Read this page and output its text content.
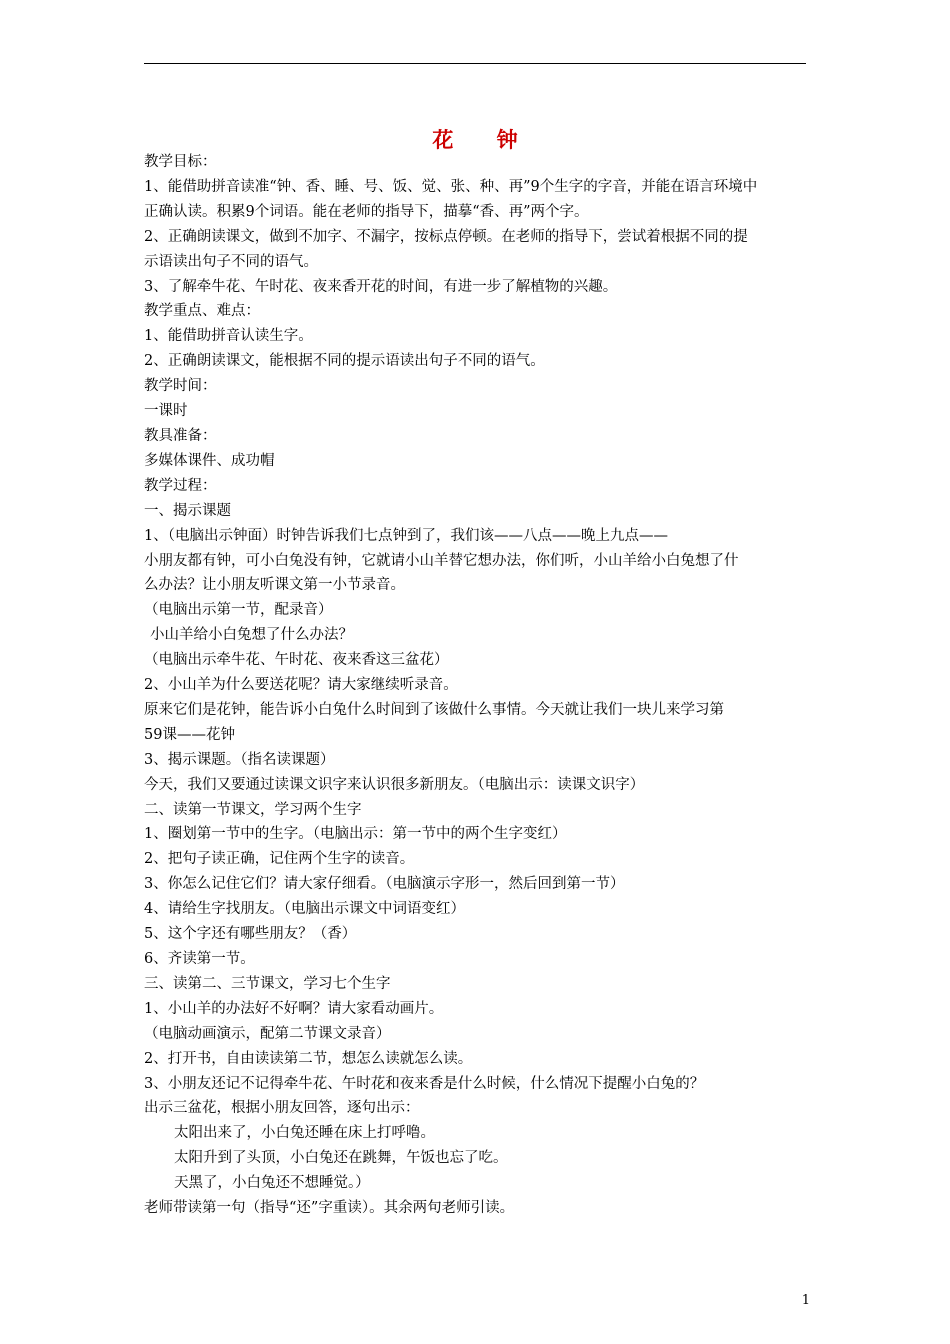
花 钟
教学目标：
1、能借助拼音读准“钟、香、睡、号、饭、觉、张、种、再”9个生字的字音，并能在语言环境中
正确认读。积累9个词语。能在老师的指导下，描摹“香、再”两个字。
2、正确朗读课文，做到不加字、不漏字，按标点停顿。在老师的指导下，尝试着根据不同的提
示语读出句子不同的语气。
3、了解牵牛花、午时花、夜来香开花的时间，有进一步了解植物的兴趣。
教学重点、难点：
1、能借助拼音认读生字。
2、正确朗读课文，能根据不同的提示语读出句子不同的语气。
教学时间：
一课时
教具准备：
多媒体课件、成功帽
教学过程：
一、揭示课题
1、（电脑出示钟面）时钟告诉我们七点钟到了，我们该——八点——晚上九点——
小朋友都有钟，可小白兔没有钟，它就请小山羊替它想办法，你们听，小山羊给小白兔想了什
么办法？让小朋友听课文第一小节录音。
（电脑出示第一节，配录音）
小山羊给小白兔想了什么办法？
（电脑出示牵牛花、午时花、夜来香这三盆花）
2、小山羊为什么要送花呢？请大家继续听录音。
原来它们是花钟，能告诉小白兔什么时间到了该做什么事情。今天就让我们一块儿来学习第
59课——花钟
3、揭示课题。（指名读课题）
今天，我们又要通过读课文识字来认识很多新朋友。（电脑出示：读课文识字）
二、读第一节课文，学习两个生字
1、圈划第一节中的生字。（电脑出示：第一节中的两个生字变红）
2、把句子读正确，记住两个生字的读音。
3、你怎么记住它们？请大家仔细看。（电脑演示字形一，然后回到第一节）
4、请给生字找朋友。（电脑出示课文中词语变红）
5、这个字还有哪些朋友？（香）
6、齐读第一节。
三、读第二、三节课文，学习七个生字
1、小山羊的办法好不好啊？请大家看动画片。
（电脑动画演示，配第二节课文录音）
2、打开书，自由读读第二节，想怎么读就怎么读。
3、小朋友还记不记得牵牛花、午时花和夜来香是什么时候，什么情况下提醒小白兔的？
出示三盆花，根据小朋友回答，逐句出示：
太阳出来了，小白兔还睡在床上打呼噜。
太阳升到了头顶，小白兔还在跳舞，午饭也忘了吃。
天黑了，小白兔还不想睡觉。）
老师带读第一句（指导“还”字重读）。其余两句老师引读。
1
